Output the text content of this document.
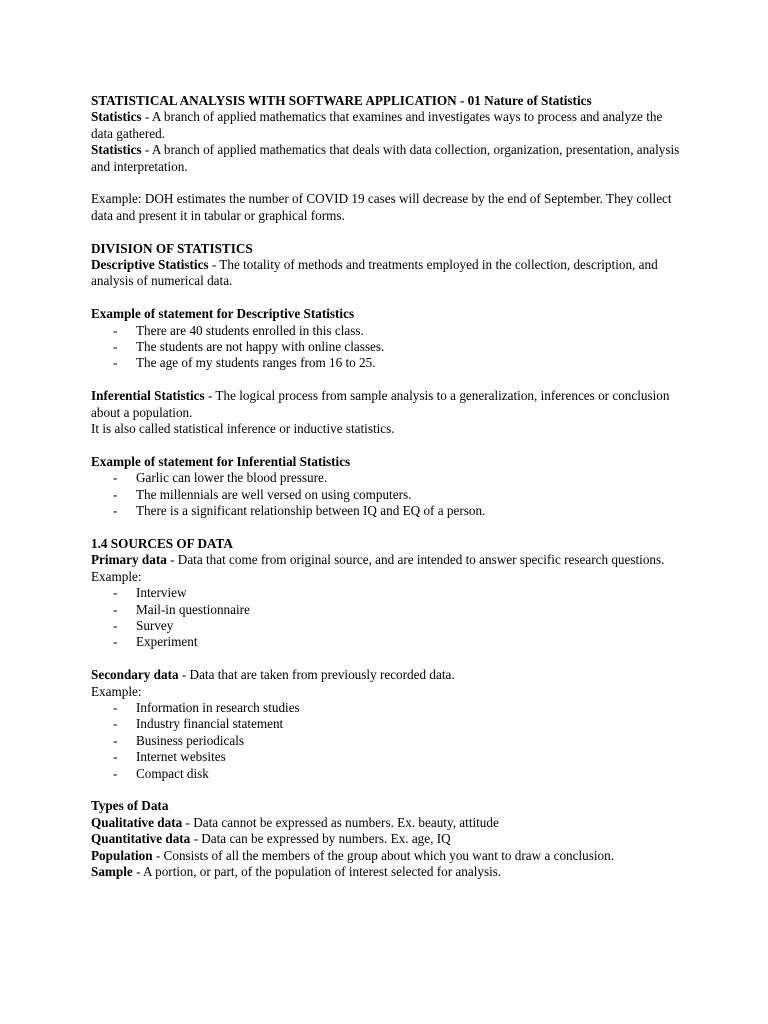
STATISTICAL ANALYSIS WITH SOFTWARE APPLICATION - 01 Nature of Statistics

Statistics - A branch of applied mathematics that examines and investigates ways to process and analyze the data gathered.

Statistics - A branch of applied mathematics that deals with data collection, organization, presentation, analysis and interpretation.

Example: DOH estimates the number of COVID 19 cases will decrease by the end of September. They collect data and present it in tabular or graphical forms.

DIVISION OF STATISTICS

Descriptive Statistics - The totality of methods and treatments employed in the collection, description, and analysis of numerical data.

Example of statement for Descriptive Statistics

- There are 40 students enrolled in this class.
- The students are not happy with online classes.
- The age of my students ranges from 16 to 25.

Inferential Statistics - The logical process from sample analysis to a generalization, inferences or conclusion about a population.

It is also called statistical inference or inductive statistics.

Example of statement for Inferential Statistics

- Garlic can lower the blood pressure.
- The millennials are well versed on using computers.
- There is a significant relationship between IQ and EQ of a person.

1.4 SOURCES OF DATA

Primary data - Data that come from original source, and are intended to answer specific research questions.

Example:

- Interview
- Mail-in questionnaire
- Survey
- Experiment

Secondary data - Data that are taken from previously recorded data.

Example:

- Information in research studies
- Industry financial statement
- Business periodicals
- Internet websites
- Compact disk

Types of Data

Qualitative data - Data cannot be expressed as numbers. Ex. beauty, attitude

Quantitative data - Data can be expressed by numbers. Ex. age, IQ

Population - Consists of all the members of the group about which you want to draw a conclusion.

Sample - A portion, or part, of the population of interest selected for analysis.
